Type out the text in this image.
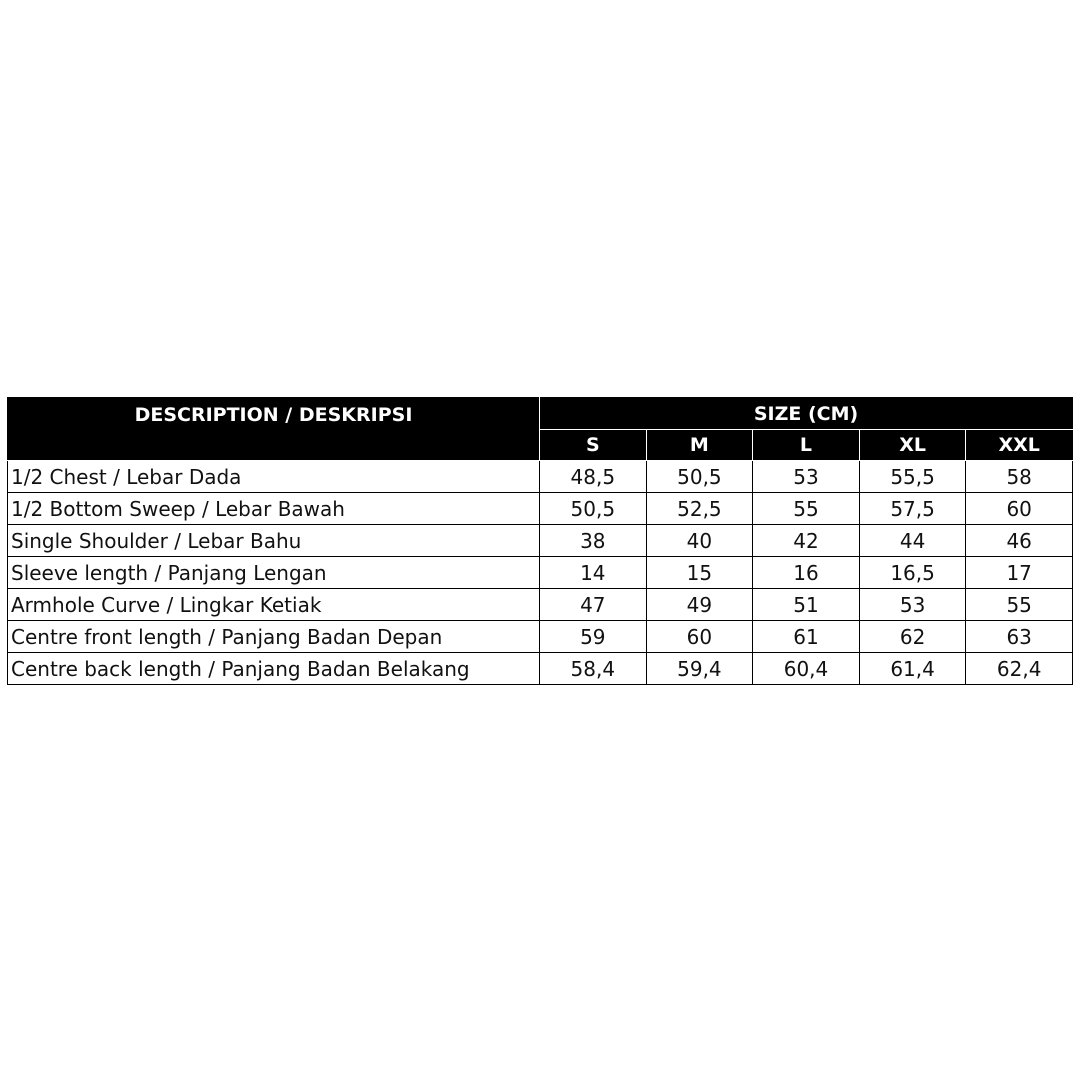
DESCRIPTION / DESKRIPSI	SIZE (CM)				
	S	M	L	XL	XXL
1/2 Chest / Lebar Dada	48,5	50,5	53	55,5	58
1/2 Bottom Sweep / Lebar Bawah	50,5	52,5	55	57,5	60
Single Shoulder / Lebar Bahu	38	40	42	44	46
Sleeve length / Panjang Lengan	14	15	16	16,5	17
Armhole Curve / Lingkar Ketiak	47	49	51	53	55
Centre front length / Panjang Badan Depan	59	60	61	62	63
Centre back length / Panjang Badan Belakang	58,4	59,4	60,4	61,4	62,4
